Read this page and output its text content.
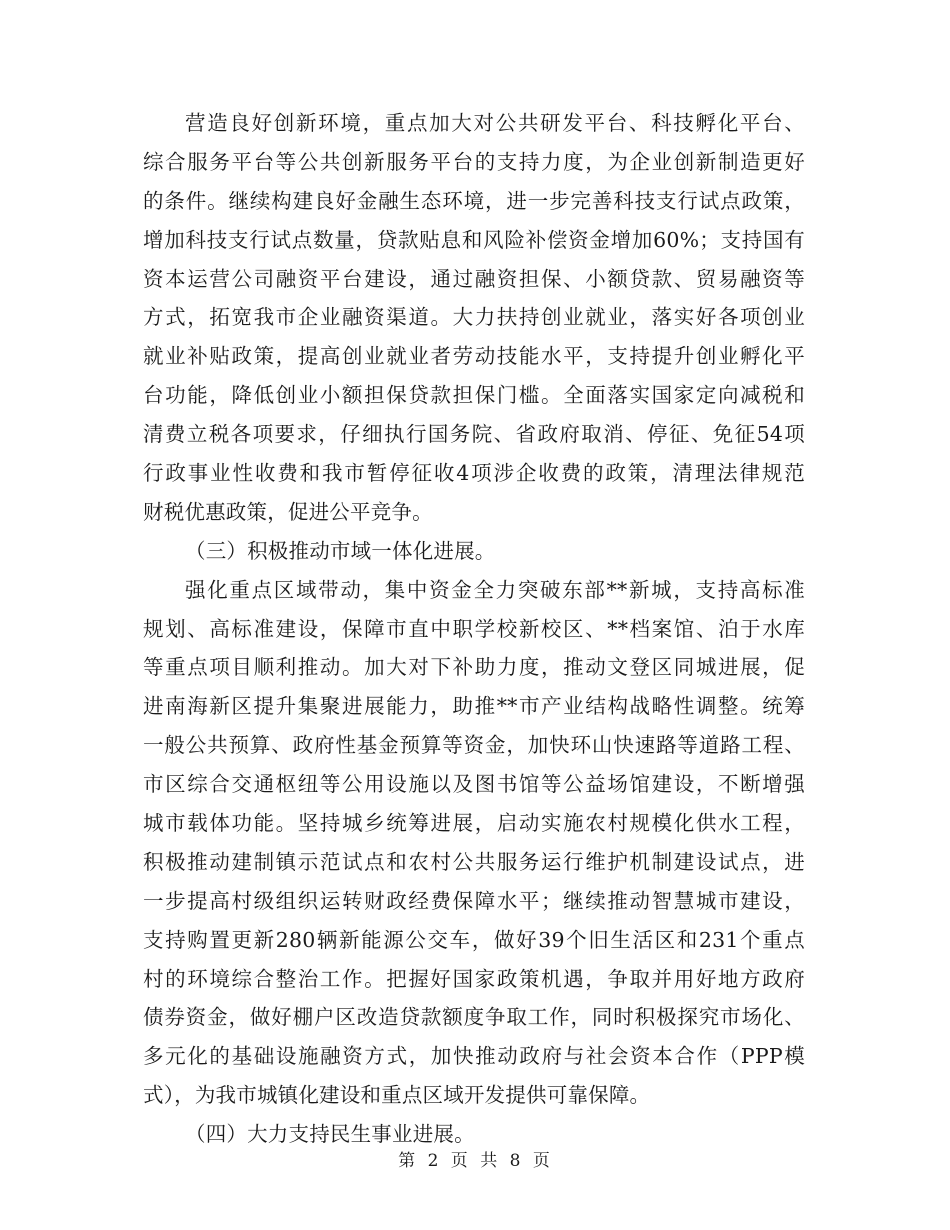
营造良好创新环境，重点加大对公共研发平台、科技孵化平台、
综合服务平台等公共创新服务平台的支持力度，为企业创新制造更好
的条件。继续构建良好金融生态环境，进一步完善科技支行试点政策，
增加科技支行试点数量，贷款贴息和风险补偿资金增加60%；支持国有
资本运营公司融资平台建设，通过融资担保、小额贷款、贸易融资等
方式，拓宽我市企业融资渠道。大力扶持创业就业，落实好各项创业
就业补贴政策，提高创业就业者劳动技能水平，支持提升创业孵化平
台功能，降低创业小额担保贷款担保门槛。全面落实国家定向减税和
清费立税各项要求，仔细执行国务院、省政府取消、停征、免征54项
行政事业性收费和我市暂停征收4项涉企收费的政策，清理法律规范
财税优惠政策，促进公平竞争。
（三）积极推动市域一体化进展。
强化重点区域带动，集中资金全力突破东部**新城，支持高标准
规划、高标准建设，保障市直中职学校新校区、**档案馆、泊于水库
等重点项目顺利推动。加大对下补助力度，推动文登区同城进展，促
进南海新区提升集聚进展能力，助推**市产业结构战略性调整。统筹
一般公共预算、政府性基金预算等资金，加快环山快速路等道路工程、
市区综合交通枢纽等公用设施以及图书馆等公益场馆建设，不断增强
城市载体功能。坚持城乡统筹进展，启动实施农村规模化供水工程，
积极推动建制镇示范试点和农村公共服务运行维护机制建设试点，进
一步提高村级组织运转财政经费保障水平；继续推动智慧城市建设，
支持购置更新280辆新能源公交车，做好39个旧生活区和231个重点
村的环境综合整治工作。把握好国家政策机遇，争取并用好地方政府
债券资金，做好棚户区改造贷款额度争取工作，同时积极探究市场化、
多元化的基础设施融资方式，加快推动政府与社会资本合作（PPP模
式），为我市城镇化建设和重点区域开发提供可靠保障。
（四）大力支持民生事业进展。
第 2 页 共 8 页
